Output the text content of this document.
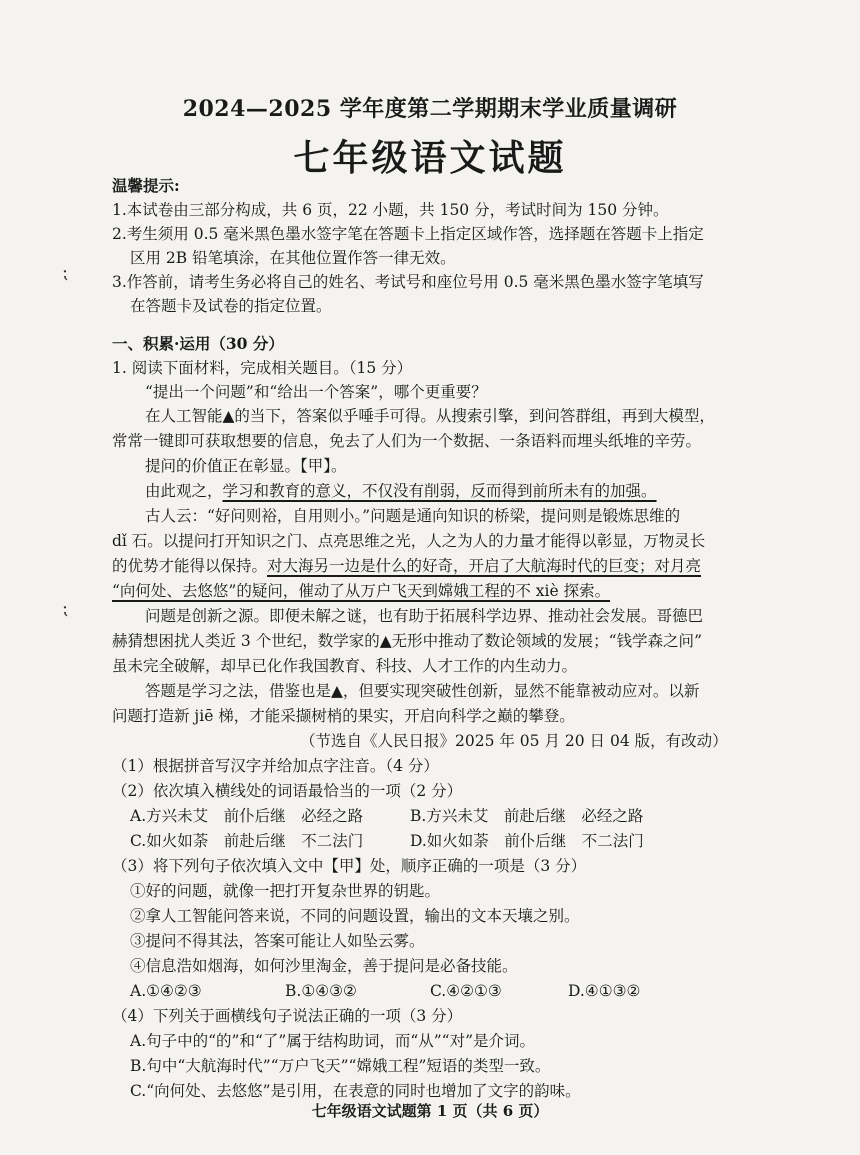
2024—2025 学年度第二学期期末学业质量调研
七年级语文试题
温馨提示:
1.本试卷由三部分构成，共 6 页，22 小题，共 150 分，考试时间为 150 分钟。
2.考生须用 0.5 毫米黑色墨水签字笔在答题卡上指定区域作答，选择题在答题卡上指定
区用 2B 铅笔填涂，在其他位置作答一律无效。
3.作答前，请考生务必将自己的姓名、考试号和座位号用 0.5 毫米黑色墨水签字笔填写
在答题卡及试卷的指定位置。
一、积累·运用（30 分）
1. 阅读下面材料，完成相关题目。（15 分）
“提出一个问题”和“给出一个答案”，哪个更重要？
在人工智能▲的当下，答案似乎唾手可得。从搜索引擎，到问答群组，再到大模型，
常常一键即可获取想要的信息，免去了人们为一个数据、一条语料而埋头纸堆的辛劳。
提问的价值正在彰显。【甲】。
由此观之，学习和教育的意义，不仅没有削弱，反而得到前所未有的加强。
古人云：“好问则裕，自用则小。”问题是通向知识的桥梁，提问则是锻炼思维的
dǐ 石。以提问打开知识之门、点亮思维之光，人之为人的力量才能得以彰显，万物灵长
的优势才能得以保持。对大海另一边是什么的好奇，开启了大航海时代的巨变；对月亮
“向何处、去悠悠”的疑问，催动了从万户飞天到嫦娥工程的不 xiè 探索。
问题是创新之源。即便未解之谜，也有助于拓展科学边界、推动社会发展。哥德巴
赫猜想困扰人类近 3 个世纪，数学家的▲无形中推动了数论领域的发展；“钱学森之问”
虽未完全破解，却早已化作我国教育、科技、人才工作的内生动力。
答题是学习之法，借鉴也是▲，但要实现突破性创新，显然不能靠被动应对。以新
问题打造新 jiē 梯，才能采撷树梢的果实，开启向科学之巅的攀登。
（节选自《人民日报》2025 年 05 月 20 日 04 版，有改动）
（1）根据拼音写汉字并给加点字注音。（4 分）
（2）依次填入横线处的词语最恰当的一项（2 分）
A.方兴未艾　前仆后继　必经之路	B.方兴未艾　前赴后继　必经之路
C.如火如荼　前赴后继　不二法门	D.如火如荼　前仆后继　不二法门
（3）将下列句子依次填入文中【甲】处，顺序正确的一项是（3 分）
①好的问题，就像一把打开复杂世界的钥匙。
②拿人工智能问答来说，不同的问题设置，输出的文本天壤之别。
③提问不得其法，答案可能让人如坠云雾。
④信息浩如烟海，如何沙里淘金，善于提问是必备技能。
A.①④②③	B.①④③②	C.④②①③	D.④①③②
（4）下列关于画横线句子说法正确的一项（3 分）
A.句子中的“的”和“了”属于结构助词，而“从”“对”是介词。
B.句中“大航海时代”“万户飞天”“嫦娥工程”短语的类型一致。
C.“向何处、去悠悠”是引用，在表意的同时也增加了文字的韵味。
七年级语文试题第 1 页（共 6 页）
⁏
⁏
